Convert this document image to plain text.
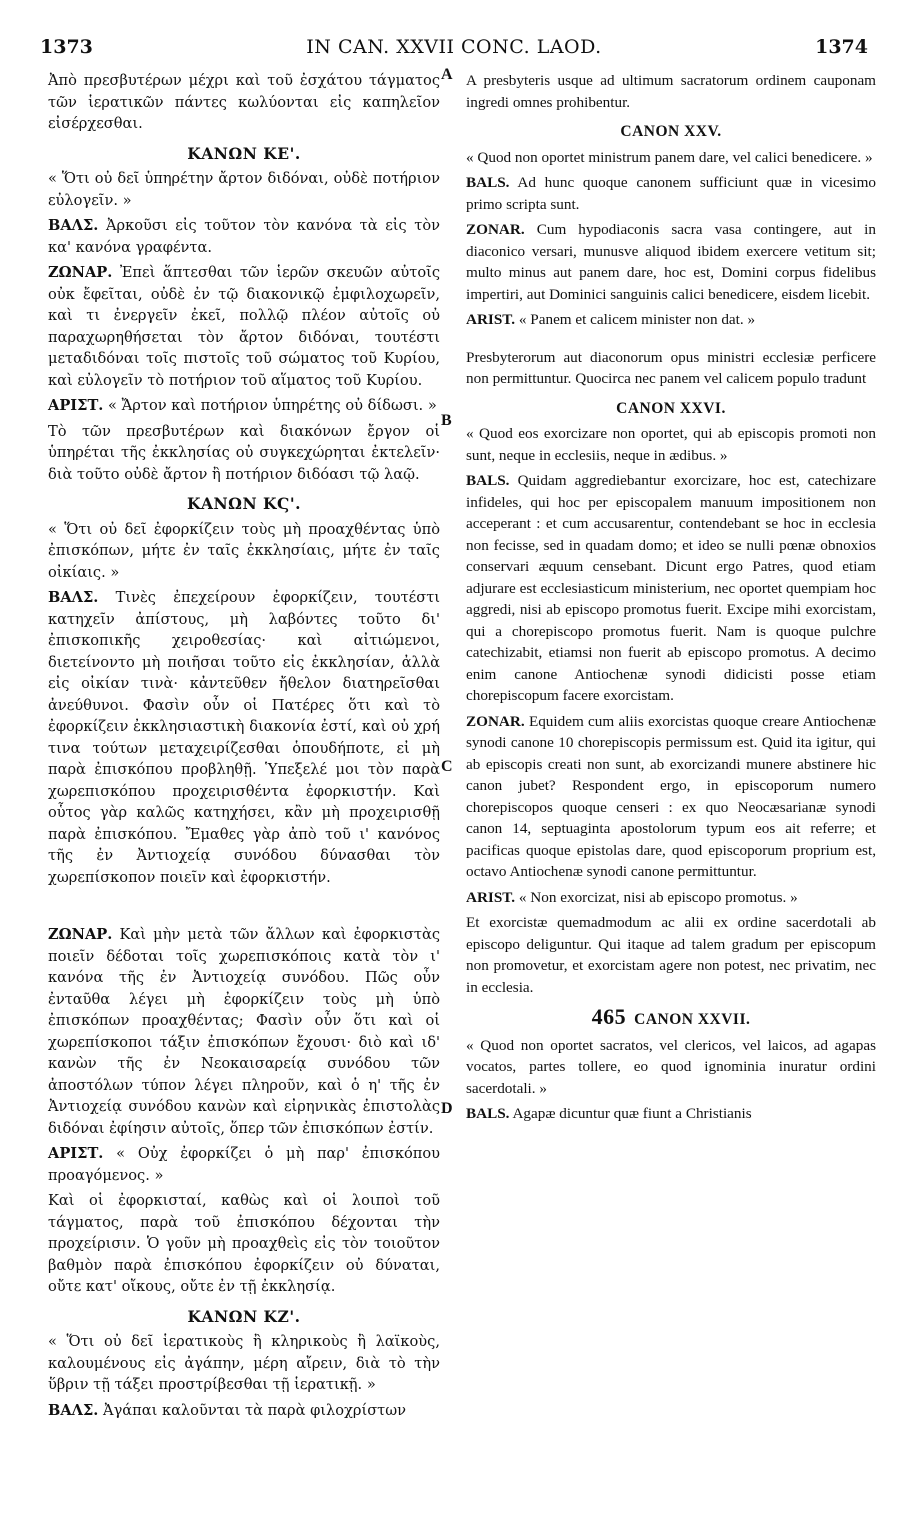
1373	IN CAN. XXVII CONC. LAOD.	1374
Ἀπὸ πρεσβυτέρων μέχρι καὶ τοῦ ἐσχάτου τάγματος τῶν ἱερατικῶν πάντες κωλύονται εἰς καπηλεῖον εἰσέρχεσθαι.
ΚΑΝΩΝ ΚΕ'.
« Ὅτι οὐ δεῖ ὑπηρέτην ἄρτον διδόναι, οὐδὲ ποτήριον εὐλογεῖν. »
ΒΑΛΣ. Ἀρκοῦσι εἰς τοῦτον τὸν κανόνα τὰ εἰς τὸν κα' κανόνα γραφέντα.
ΖΩΝΑΡ. Ἐπεὶ ἅπτεσθαι τῶν ἱερῶν σκευῶν αὐτοῖς οὐκ ἔφεῖται, οὐδὲ ἐν τῷ διακονικῷ ἐμφιλοχωρεῖν, καὶ τι ἐνεργεῖν ἐκεῖ, πολλῷ πλέον αὐτοῖς οὐ παραχωρηθήσεται τὸν ἄρτον διδόναι, τουτέστι μεταδιδόναι τοῖς πιστοῖς τοῦ σώματος τοῦ Κυρίου, καὶ εὐλογεῖν τὸ ποτήριον τοῦ αἵματος τοῦ Κυρίου.
ΑΡΙΣΤ. « Ἄρτον καὶ ποτήριον ὑπηρέτης οὐ δίδωσι. »
Τὸ τῶν πρεσβυτέρων καὶ διακόνων ἔργον οἱ ὑπηρέται τῆς ἐκκλησίας οὐ συγκεχώρηται ἐκτελεῖν· διὰ τοῦτο οὐδὲ ἄρτον ἢ ποτήριον διδόασι τῷ λαῷ.
ΚΑΝΩΝ ΚϚ'.
« Ὅτι οὐ δεῖ ἐφορκίζειν τοὺς μὴ προαχθέντας ὑπὸ ἐπισκόπων, μήτε ἐν ταῖς ἐκκλησίαις, μήτε ἐν ταῖς οἰκίαις. »
ΒΑΛΣ. Τινὲς ἐπεχείρουν ἐφορκίζειν, τουτέστι κατηχεῖν ἀπίστους, μὴ λαβόντες τοῦτο δι' ἐπισκοπικῆς χειροθεσίας· καὶ αἰτιώμενοι, διετείνοντο μὴ ποιῆσαι τοῦτο εἰς ἐκκλησίαν, ἀλλὰ εἰς οἰκίαν τινὰ· κἀντεῦθεν ἤθελον διατηρεῖσθαι ἀνεύθυνοι. Φασὶν οὖν οἱ Πατέρες ὅτι καὶ τὸ ἐφορκίζειν ἐκκλησιαστικὴ διακονία ἐστί, καὶ οὐ χρή τινα τούτων μεταχειρίζεσθαι ὁπουδήποτε, εἰ μὴ παρὰ ἐπισκόπου προβληθῇ. Ὑπεξελέ μοι τὸν παρὰ χωρεπισκόπου προχειρισθέντα ἐφορκιστήν. Καὶ οὗτος γὰρ καλῶς κατηχήσει, κἂν μὴ προχειρισθῇ παρὰ ἐπισκόπου. Ἔμαθες γὰρ ἀπὸ τοῦ ι' κανόνος τῆς ἐν Ἀντιοχείᾳ συνόδου δύνασθαι τὸν χωρεπίσκοπον ποιεῖν καὶ ἐφορκιστήν.
ΖΩΝΑΡ. Καὶ μὴν μετὰ τῶν ἄλλων καὶ ἐφορκιστὰς ποιεῖν δέδοται τοῖς χωρεπισκόποις κατὰ τὸν ι' κανόνα τῆς ἐν Ἀντιοχείᾳ συνόδου. Πῶς οὖν ἐνταῦθα λέγει μὴ ἐφορκίζειν τοὺς μὴ ὑπὸ ἐπισκόπων προαχθέντας; Φασὶν οὖν ὅτι καὶ οἱ χωρεπίσκοποι τάξιν ἐπισκόπων ἔχουσι· διὸ καὶ ιδ' κανὼν τῆς ἐν Νεοκαισαρείᾳ συνόδου τῶν ἀποστόλων τύπον λέγει πληροῦν, καὶ ὁ η' τῆς ἐν Ἀντιοχείᾳ συνόδου κανὼν καὶ εἰρηνικὰς ἐπιστολὰς διδόναι ἐφίησιν αὐτοῖς, ὅπερ τῶν ἐπισκόπων ἐστίν.
ΑΡΙΣΤ. « Οὐχ ἐφορκίζει ὁ μὴ παρ' ἐπισκόπου προαγόμενος. »
Καὶ οἱ ἐφορκισταί, καθὼς καὶ οἱ λοιποὶ τοῦ τάγματος, παρὰ τοῦ ἐπισκόπου δέχονται τὴν προχείρισιν. Ὁ γοῦν μὴ προαχθεὶς εἰς τὸν τοιοῦτον βαθμὸν παρὰ ἐπισκόπου ἐφορκίζειν οὐ δύναται, οὔτε κατ' οἴκους, οὔτε ἐν τῇ ἐκκλησίᾳ.
ΚΑΝΩΝ ΚΖ'.
« Ὅτι οὐ δεῖ ἱερατικοὺς ἢ κληρικοὺς ἢ λαϊκοὺς, καλουμένους εἰς ἀγάπην, μέρη αἴρειν, διὰ τὸ τὴν ὕβριν τῇ τάξει προστρίβεσθαι τῇ ἱερατικῇ. »
ΒΑΛΣ. Ἀγάπαι καλοῦνται τὰ παρὰ φιλοχρίστων
A presbyteris usque ad ultimum sacratorum ordinem cauponam ingredi omnes prohibentur.
CANON XXV.
« Quod non oportet ministrum panem dare, vel calici benedicere. »
BALS. Ad hunc quoque canonem sufficiunt quæ in vicesimo primo scripta sunt.
ZONAR. Cum hypodiaconis sacra vasa contingere, aut in diaconico versari, munusve aliquod ibidem exercere vetitum sit; multo minus aut panem dare, hoc est, Domini corpus fidelibus impertiri, aut Dominici sanguinis calici benedicere, eisdem licebit.
ARIST. « Panem et calicem minister non dat. »
Presbyterorum aut diaconorum opus ministri ecclesiæ perficere non permittuntur. Quocirca nec panem vel calicem populo tradunt
CANON XXVI.
« Quod eos exorcizare non oportet, qui ab episcopis promoti non sunt, neque in ecclesiis, neque in ædibus. »
BALS. Quidam aggrediebantur exorcizare, hoc est, catechizare infideles, qui hoc per episcopalem manuum impositionem non acceperant : et cum accusarentur, contendebant se hoc in ecclesia non fecisse, sed in quadam domo; et ideo se nulli pœnæ obnoxios conservari æquum censebant. Dicunt ergo Patres, quod etiam adjurare est ecclesiasticum ministerium, nec oportet quempiam hoc aggredi, nisi ab episcopo promotus fuerit. Excipe mihi exorcistam, qui a chorepiscopo promotus fuerit. Nam is quoque pulchre catechizabit, etiamsi non fuerit ab episcopo promotus. A decimo enim canone Antiochenæ synodi didicisti posse etiam chorepiscopum facere exorcistam.
ZONAR. Equidem cum aliis exorcistas quoque creare Antiochenæ synodi canone 10 chorepiscopis permissum est. Quid ita igitur, qui ab episcopis creati non sunt, ab exorcizandi munere abstinere hic canon jubet? Respondent ergo, in episcoporum numero chorepiscopos quoque censeri : ex quo Neocæsarianæ synodi canon 14, septuaginta apostolorum typum eos ait referre; et pacificas quoque epistolas dare, quod episcoporum proprium est, octavo Antiochenæ synodi canone permittuntur.
ARIST. « Non exorcizat, nisi ab episcopo promotus. »
Et exorcistæ quemadmodum ac alii ex ordine sacerdotali ab episcopo deliguntur. Qui itaque ad talem gradum per episcopum non promovetur, et exorcistam agere non potest, nec privatim, nec in ecclesia.
465 CANON XXVII.
« Quod non oportet sacratos, vel clericos, vel laicos, ad agapas vocatos, partes tollere, eo quod ignominia inuratur ordini sacerdotali. »
BALS. Agapæ dicuntur quæ fiunt a Christianis
A
B
C
D
